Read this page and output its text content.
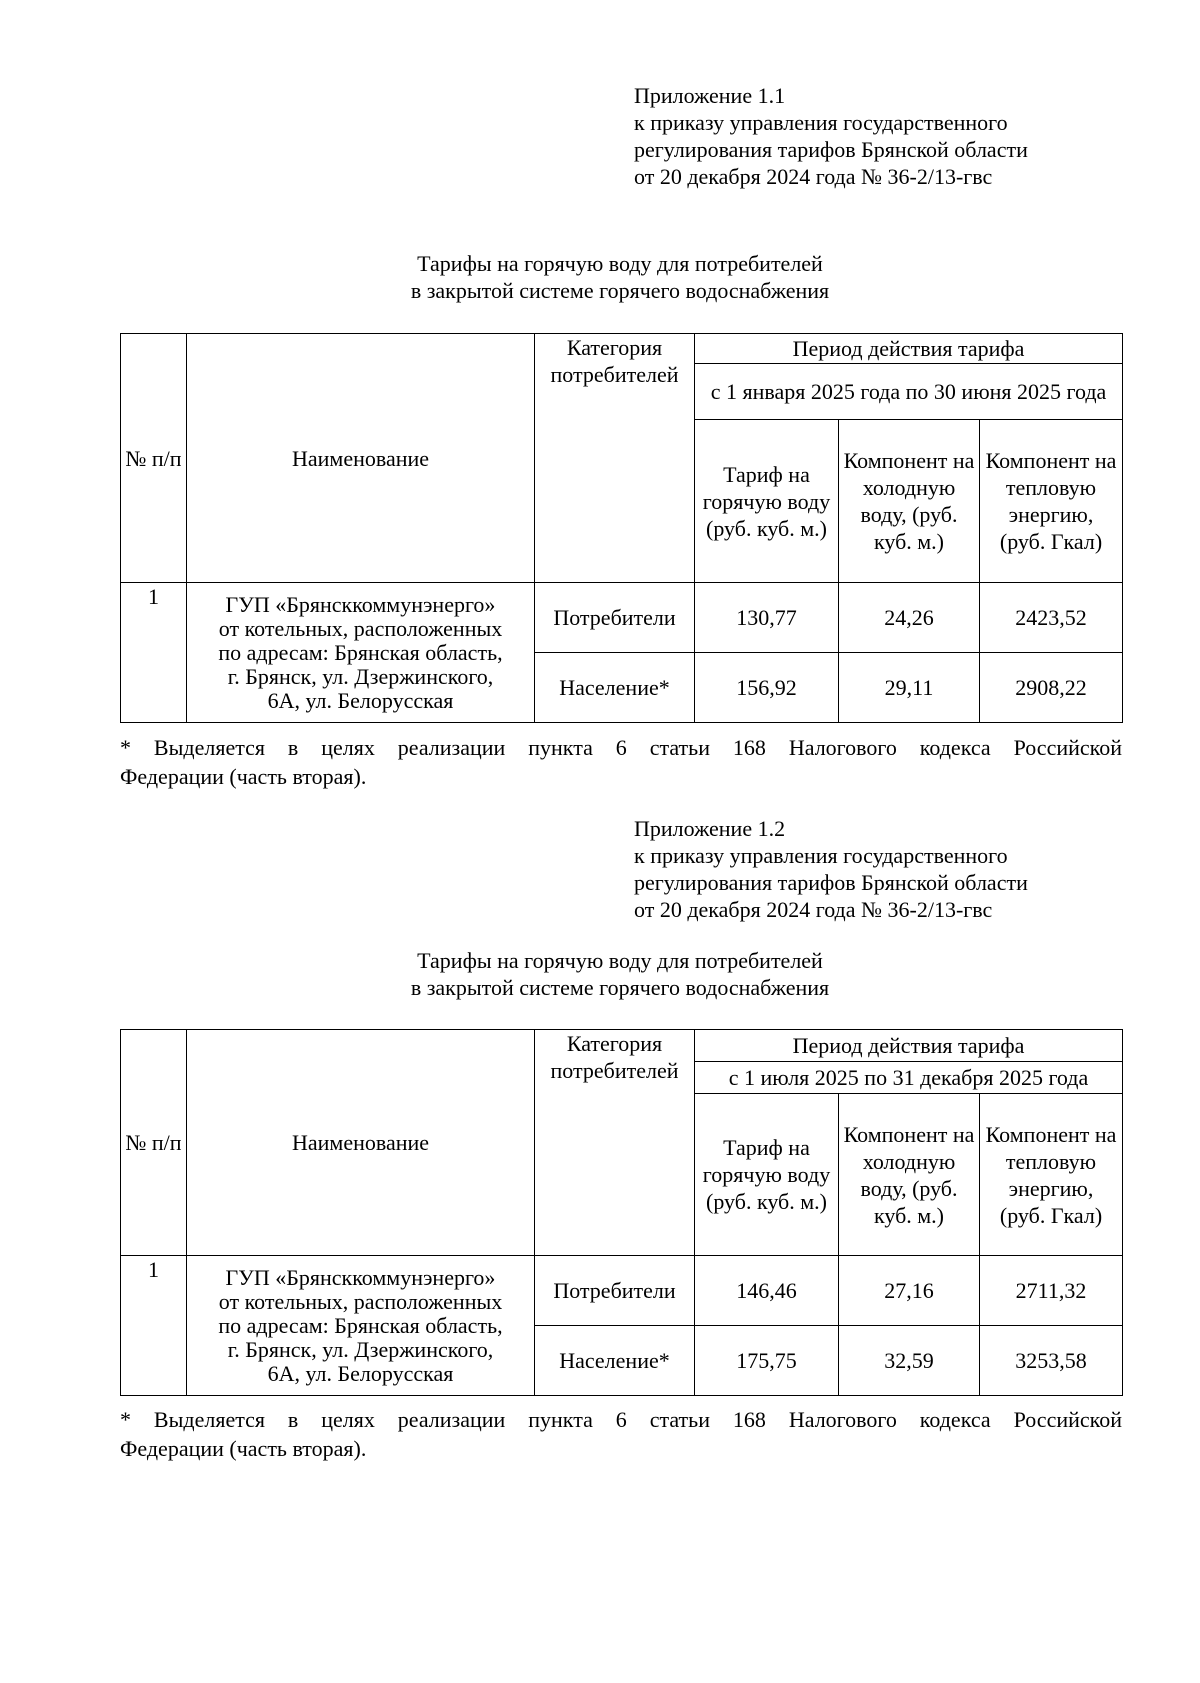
Приложение 1.1
к приказу управления государственного
регулирования тарифов Брянской области
от 20 декабря 2024 года № 36-2/13-гвс
Тарифы на горячую воду для потребителей
в закрытой системе горячего водоснабжения
№ п/п	Наименование	Категория потребителей	Период действия тарифа		
			с 1 января 2025 года по 30 июня 2025 года		
			Тариф на горячую воду (руб. куб. м.)	Компонент на холодную воду, (руб. куб. м.)	Компонент на тепловую энергию, (руб. Гкал)
1	ГУП «Брянсккоммунэнерго»
от котельных, расположенных
по адресам: Брянская область,
г. Брянск, ул. Дзержинского,
6А, ул. Белорусская	Потребители	130,77	24,26	2423,52
		Население*	156,92	29,11	2908,22
* Выделяется в целях реализации пункта 6 статьи 168 Налогового кодекса Российской
Федерации (часть вторая).
Приложение 1.2
к приказу управления государственного
регулирования тарифов Брянской области
от 20 декабря 2024 года № 36-2/13-гвс
Тарифы на горячую воду для потребителей
в закрытой системе горячего водоснабжения
№ п/п	Наименование	Категория потребителей	Период действия тарифа		
			с 1 июля 2025 по 31 декабря 2025 года		
			Тариф на горячую воду (руб. куб. м.)	Компонент на холодную воду, (руб. куб. м.)	Компонент на тепловую энергию, (руб. Гкал)
1	ГУП «Брянсккоммунэнерго»
от котельных, расположенных
по адресам: Брянская область,
г. Брянск, ул. Дзержинского,
6А, ул. Белорусская	Потребители	146,46	27,16	2711,32
		Население*	175,75	32,59	3253,58
* Выделяется в целях реализации пункта 6 статьи 168 Налогового кодекса Российской
Федерации (часть вторая).
